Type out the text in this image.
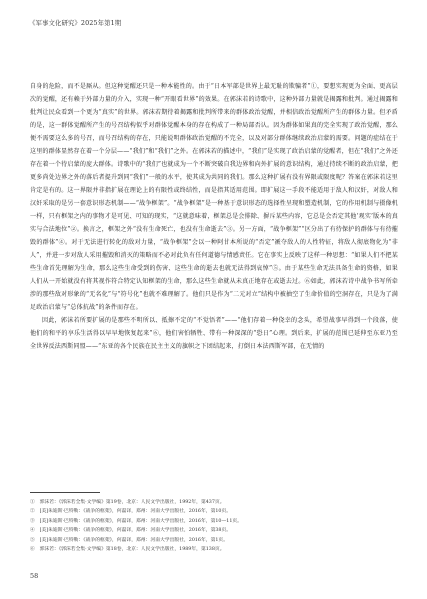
《军事文化研究》2025年第1期

自身的危险，而不是厮从。但这种觉醒还只是一种本能性的。由于“日本军部是世界上最无耻的欺骗者”①，要想实现更为全面、更高层次的觉醒，还有赖于外部力量的介入，实现一种“开眼看世界”的效果。在郭沫若的诗歌中，这种外部力量就是揭露和批判。通过揭露和批判让民众看到一个更为“真实”的世界。郭沫若期待着揭露和批判所带来的群体政治觉醒，并相信政治觉醒所产生的群体力量。但矛盾的是，这一群体觉醒所产生的号召结构似乎对群体觉醒本身的存在构成了一种局部否认。因为群体如果真的完全实现了政治觉醒，那么便不需要这么多的号召，而号召结构的存在，只能说明群体政治觉醒的不完全，以及对部分群体继续政治启蒙的需要。问题的症结在于这里的群体显然存在着一个分层——“我们”和“我们”之外。在郭沫若的描述中，“我们”是实现了政治启蒙的觉醒者，但在“我们”之外还存在着一个待启蒙的庞大群体。诗歌中的“我们”也就成为一个不断突破自我边界和向外扩展的意识结构，通过持续不断的政治启蒙，把更多尚处边界之外的落后者提升到同“我们”一般的水平，使其成为共同的我们。那么这种扩展有没有界限或限度呢？答案在郭沫若这里肯定是有的。这一界限并非指扩展在理论上的有限性或终结性，而是指其适用范围。即扩展这一手段不能适用于敌人和汉奸，对敌人和汉奸采取的是另一套意识形态机制——“战争框架”。“战争框架”是一种基于意识形态的选择性呈现和塑造机制，它的作用机制与摄像机一样，只有框架之内的事物才是可见、可知的现实，“这就意味着，框架总是会排除、摒斥某些内容，它总是会否定其他‘观实’版本的真实与合法地位”②。换言之，框架之外“没有生命死亡，也没有生命逝去”③。另一方面，“战争框架”“区分出了有待保护的群体与有待摧毁的群体”④。对于无法进行转化的敌对力量，“战争框架”会以一种阿甘本所说的“否定”褫夺敌人的人性特征，将敌人彻底物化为“非人”，并进一步对敌人采用摧毁和消灭的策略而不必对此负有任何道德与情感责任。它在事实上反映了这样一种思想：“如果人们不把某些生命首先理解为生命，那么这些生命受到的伤害、这些生命的逝去也就无法得到哀悼”⑤。由于某些生命无法具备生命的资格，如果人们从一开始就没有将其视作符合特定认知框架的生命，那么这些生命就从未真正地存在或逝去过。⑥如此，郭沫若诗中战争书写所牵涉的那些敌对形象的“无名化”与“符号化”也就不难理解了。他们只是作为“二元对立”结构中被抽空了生命价值的空洞存在，只是为了满足政治启蒙与“总体抗战”的条件而存在。

因此，郭沫若所要扩展的是那些不明所以、抵擦不定的“不觉悟者”——“他们存着一种侥幸的念头，希望战事早得到一个段落，使他们的和平的享乐生活得以早早地恢复起来”⑥，他们害怕牺牲、带有一种深深的“恐日”心理。到后来，扩展的范围已延伸至东亚乃至全世界反法西斯同盟——“东亚的各个民族在民主主义的旗帜之下团结起来，打倒日本法西斯军部，在无情的

①　郭沫若：《郭沫若全集·文学编》第19卷，北京：人民文学出版社，1992年，第437页。
②　[美]朱迪斯·巴特勒：《战争的框架》，何磊译，郑州：河南大学出版社，2016年，第10页。
③　[美]朱迪斯·巴特勒：《战争的框架》，何磊译，郑州：河南大学出版社，2016年，第10—11页。
④　[美]朱迪斯·巴特勒：《战争的框架》，何磊译，郑州：河南大学出版社，2016年，第38页。
⑤　[美]朱迪斯·巴特勒：《战争的框架》，何磊译，郑州：河南大学出版社，2016年，第1页。
⑥　郭沫若：《郭沫若全集·文学编》第18卷，北京：人民文学出版社，1989年，第138页。
58
